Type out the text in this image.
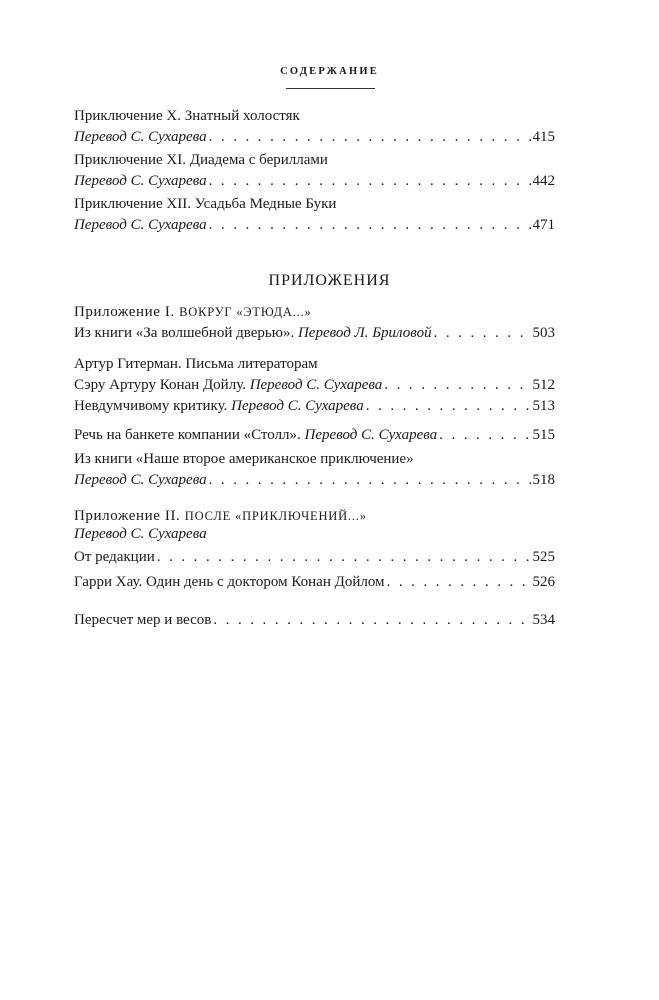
СОДЕРЖАНИЕ
Приключение X. Знатный холостяк
Перевод С. Сухарева . . .	415
Приключение XI. Диадема с бериллами
Перевод С. Сухарева . . .	442
Приключение XII. Усадьба Медные Буки
Перевод С. Сухарева . . .	471
ПРИЛОЖЕНИЯ
Приложение I.
ВОКРУГ «ЭТЮДА...»
Из книги «За волшебной дверью».
Перевод Л. Бриловой . . .	503
Артур Гитерман. Письма литераторам
Сэру Артуру Конан Дойлу.
Перевод С. Сухарева . . .	512
Невдумчивому критику.
Перевод С. Сухарева . . .	513
Речь на банкете компании «Столл».
Перевод С. Сухарева . . .	515
Из книги «Наше второе американское приключение»
Перевод С. Сухарева . . .	518
Приложение II.
ПОСЛЕ «ПРИКЛЮЧЕНИЙ...»
Перевод С. Сухарева
От редакции . . .	525
Гарри Хау. Один день с доктором Конан Дойлом . . .	526
Пересчет мер и весов . . .	534
